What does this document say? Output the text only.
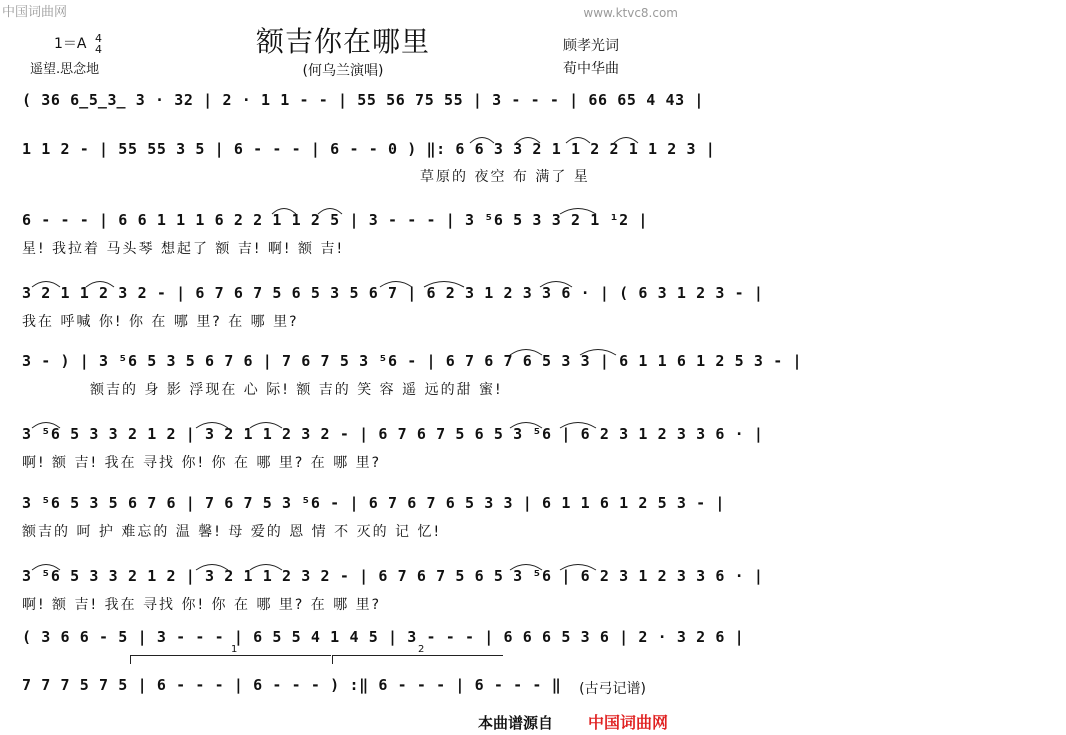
中国词曲网	www.ktvc8.com
额吉你在哪里
(何乌兰演唱)
1＝A 4
4
遥望.思念地
顾孝光词
荀中华曲
( 36 6̲5̲3̲ 3 · 32 | 2 · 1 1 - - | 55 56 75 55 | 3 - - - | 66 65 4 43 |
1 1 2 - | 55 55 3 5 | 6 - - - | 6 - - 0 ) ‖: 6 6 3 3 2 1 1 2 2 1 1 2 3 |
草原的 夜空 布 满了 星
6 - - - | 6 6 1 1 1 6 2 2 1 1 2 5 | 3 - - - | 3 ⁵6 5 3 3 2 1 ¹2 |
星! 我拉着 马头琴 想起了 额 吉! 啊! 额 吉!
3 2 1 1 2 3 2 - | 6 7 6 7 5 6 5 3 5 6 7 | 6 2 3 1 2 3 3 6 · | ( 6 3 1 2 3 - |
我在 呼喊 你! 你 在 哪 里? 在 哪 里?
3 - ) | 3 ⁵6 5 3 5 6 7 6 | 7 6 7 5 3 ⁵6 - | 6 7 6 7 6 5 3 3 | 6 1 1 6 1 2 5 3 - |
额吉的 身 影 浮现在 心 际! 额 吉的 笑 容 遥 远的甜 蜜!
3 ⁵6 5 3 3 2 1 2 | 3 2 1 1 2 3 2 - | 6 7 6 7 5 6 5 3 ⁵6 | 6 2 3 1 2 3 3 6 · |
啊! 额 吉! 我在 寻找 你! 你 在 哪 里? 在 哪 里?
3 ⁵6 5 3 5 6 7 6 | 7 6 7 5 3 ⁵6 - | 6 7 6 7 6 5 3 3 | 6 1 1 6 1 2 5 3 - |
额吉的 呵 护 难忘的 温 馨! 母 爱的 恩 情 不 灭的 记 忆!
3 ⁵6 5 3 3 2 1 2 | 3 2 1 1 2 3 2 - | 6 7 6 7 5 6 5 3 ⁵6 | 6 2 3 1 2 3 3 6 · |
啊! 额 吉! 我在 寻找 你! 你 在 哪 里? 在 哪 里?
( 3 6 6 - 5 | 3 - - - | 6 5 5 4 1 4 5 | 3 - - - | 6 6 6 5 3 6 | 2 · 3 2 6 |
1	2
7 7 7 5 7 5 | 6 - - - | 6 - - - ) :‖ 6 - - - | 6 - - - ‖ (古弓记谱)
本曲谱源自 中国词曲网
